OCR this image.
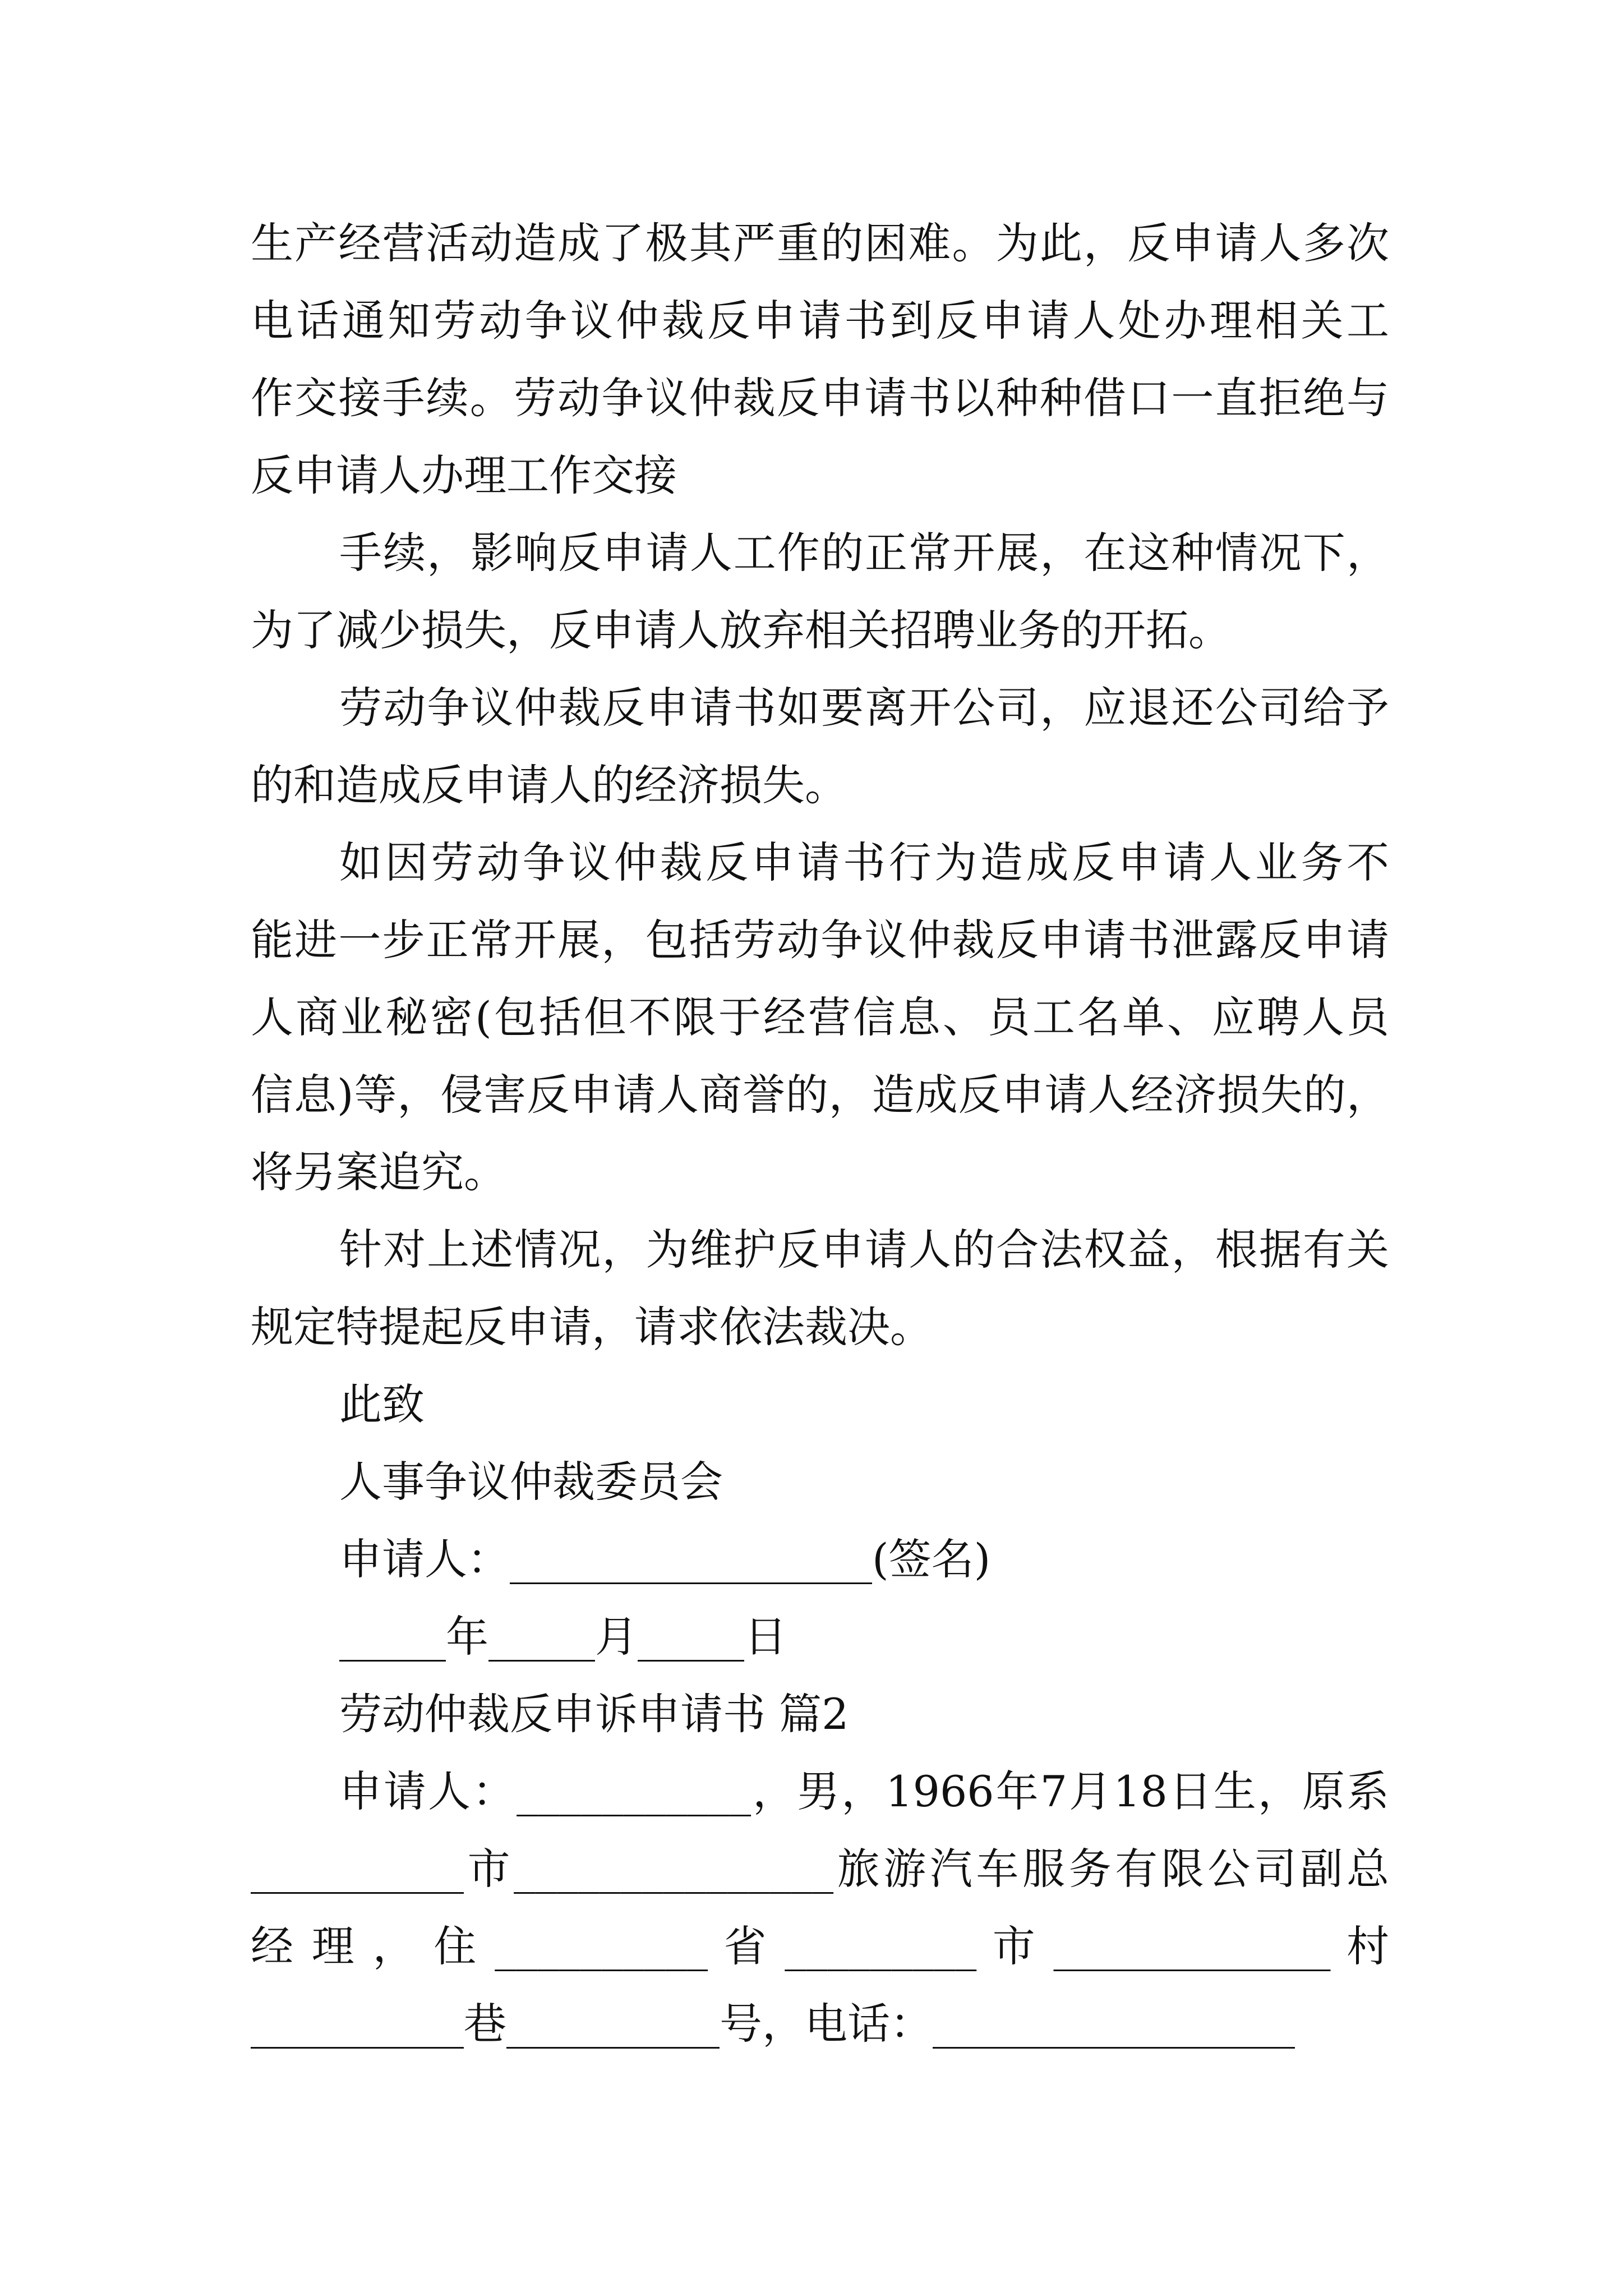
生产经营活动造成了极其严重的困难。为此，反申请人多次
电话通知劳动争议仲裁反申请书到反申请人处办理相关工
作交接手续。劳动争议仲裁反申请书以种种借口一直拒绝与
反申请人办理工作交接
手续，影响反申请人工作的正常开展，在这种情况下，
为了减少损失，反申请人放弃相关招聘业务的开拓。
劳动争议仲裁反申请书如要离开公司，应退还公司给予
的和造成反申请人的经济损失。
如因劳动争议仲裁反申请书行为造成反申请人业务不
能进一步正常开展，包括劳动争议仲裁反申请书泄露反申请
人商业秘密(包括但不限于经营信息、员工名单、应聘人员
信息)等，侵害反申请人商誉的，造成反申请人经济损失的，
将另案追究。
针对上述情况，为维护反申请人的合法权益，根据有关
规定特提起反申请，请求依法裁决。
此致
人事争议仲裁委员会
申请人：_________________(签名)
_____年_____月_____日
劳动仲裁反申诉申请书 篇2
申请人：___________，男，1966年7月18日生，原系
__________市_______________旅游汽车服务有限公司副总
经 理 ， 住 __________ 省 _________ 市 _____________ 村
__________巷__________号，电话：_________________
